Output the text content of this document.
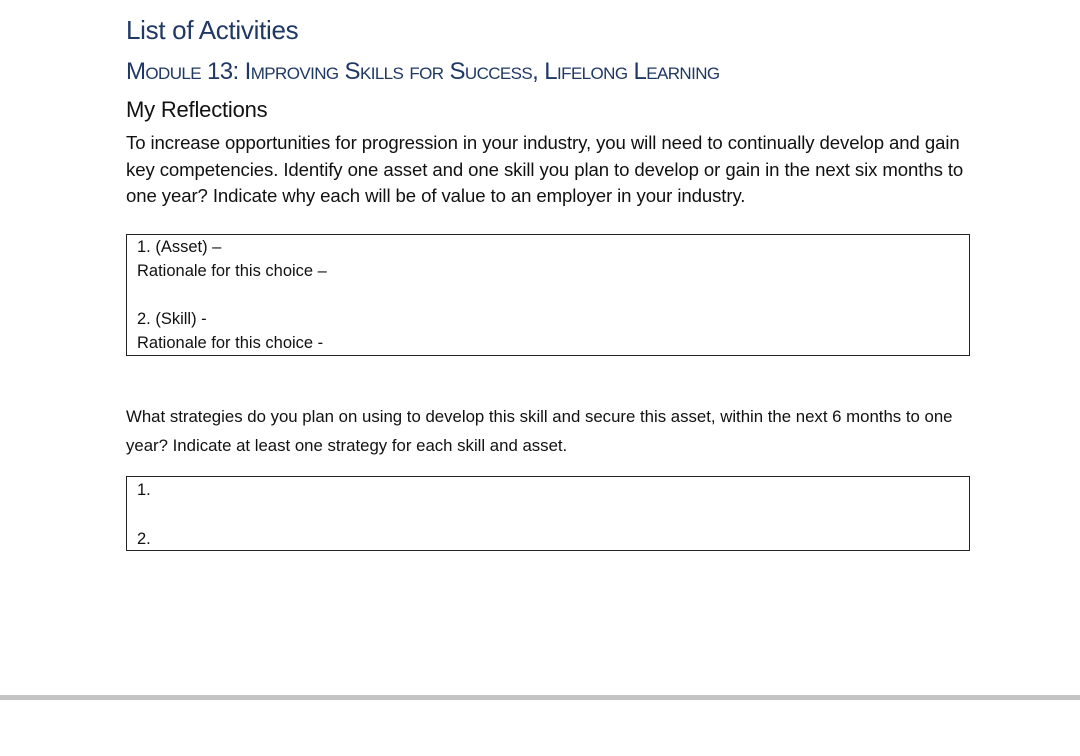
List of Activities
Module 13: Improving Skills for Success, Lifelong Learning
My Reflections
To increase opportunities for progression in your industry, you will need to continually develop and gain key competencies. Identify one asset and one skill you plan to develop or gain in the next six months to one year? Indicate why each will be of value to an employer in your industry.
1. (Asset) –
Rationale for this choice –
2. (Skill) -
Rationale for this choice -
What strategies do you plan on using to develop this skill and secure this asset, within the next 6 months to one year? Indicate at least one strategy for each skill and asset.
1.
2.
